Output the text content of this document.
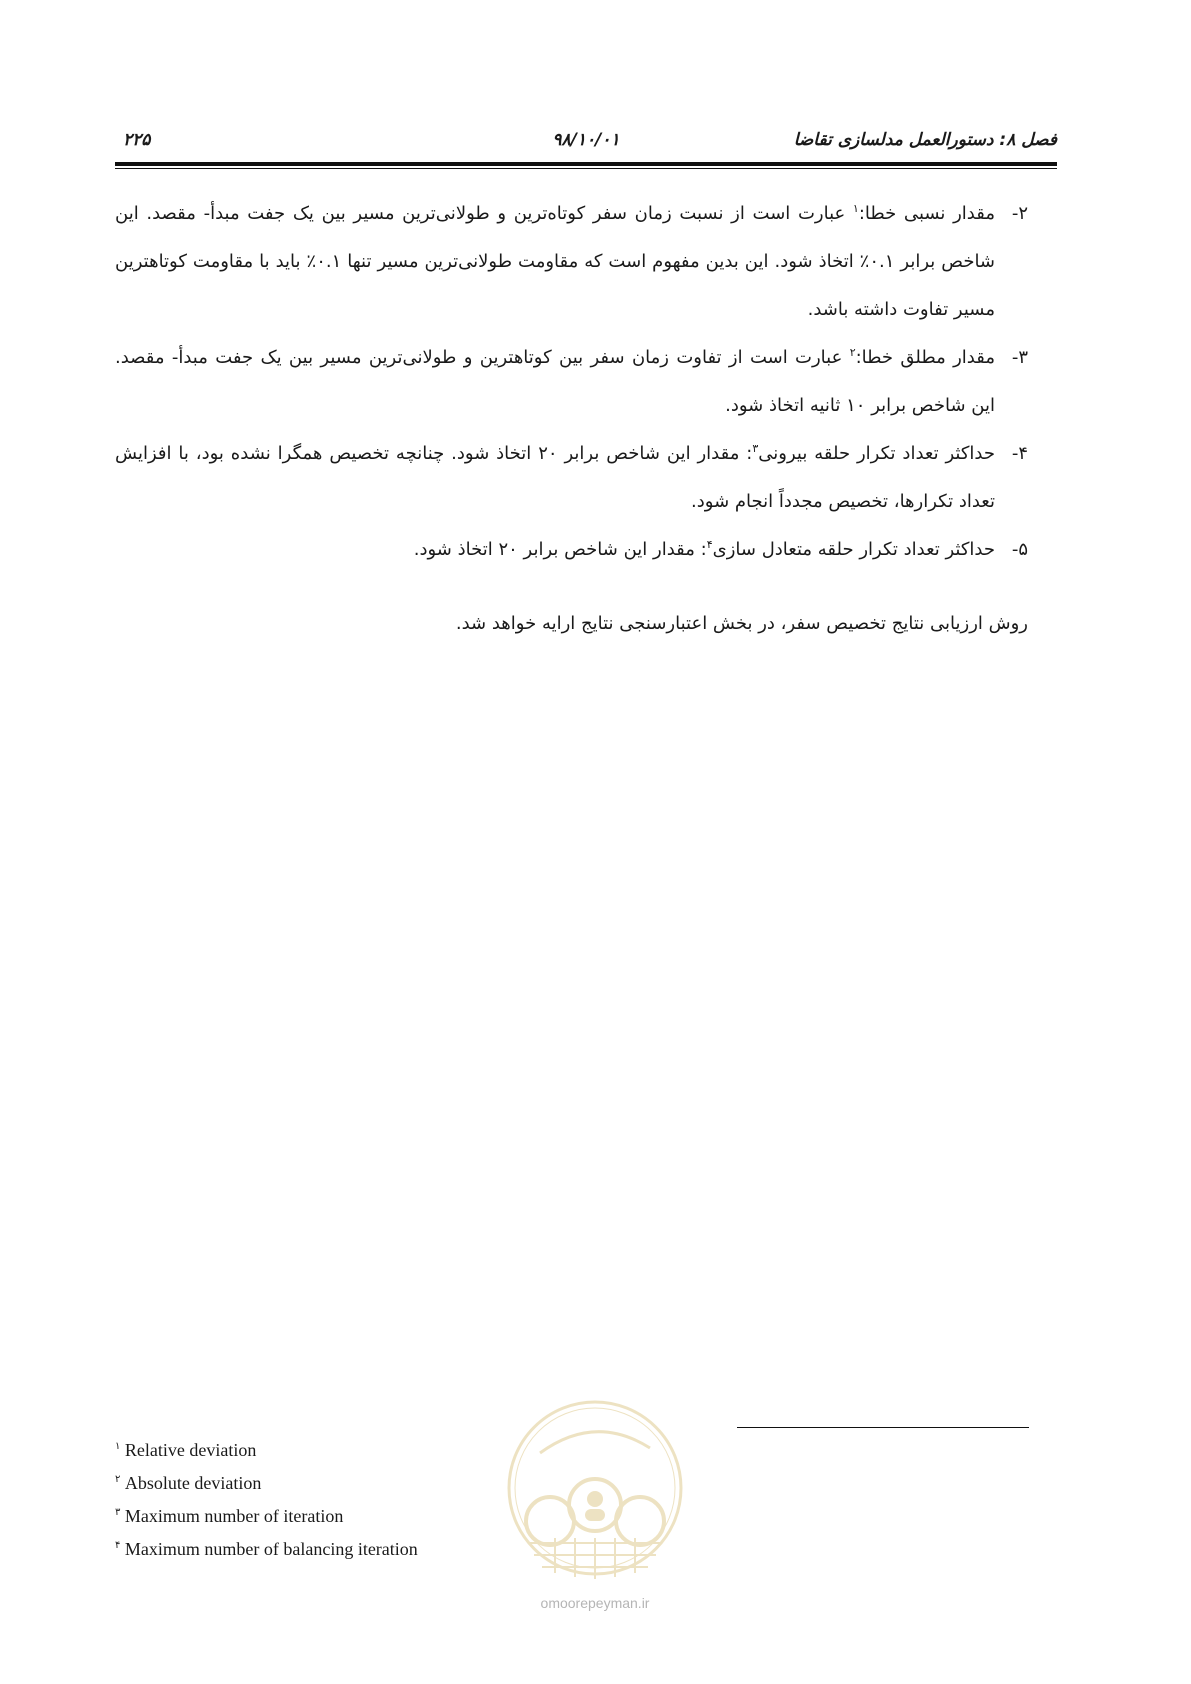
فصل ۸: دستورالعمل مدلسازی تقاضا
۹۸/۱۰/۰۱
۲۲۵

۲-
مقدار نسبی خطا:$^۱$ عبارت است از نسبت زمان سفر کوتاه‌ترین و طولانی‌ترین مسیر بین یک جفت مبدأ- مقصد. این شاخص برابر ۰.۱٪ اتخاذ شود. این بدین مفهوم است که مقاومت طولانی‌ترین مسیر تنها ۰.۱٪ باید با مقاومت کوتاهترین مسیر تفاوت داشته باشد.

۳-
مقدار مطلق خطا:$^۲$ عبارت است از تفاوت زمان سفر بین کوتاهترین و طولانی‌ترین مسیر بین یک جفت مبدأ- مقصد. این شاخص برابر ۱۰ ثانیه اتخاذ شود.

۴-
حداکثر تعداد تکرار حلقه بیرونی$^۳$: مقدار این شاخص برابر ۲۰ اتخاذ شود. چنانچه تخصیص همگرا نشده بود، با افزایش تعداد تکرارها، تخصیص مجدداً انجام شود.

۵-
حداکثر تعداد تکرار حلقه متعادل سازی$^۴$: مقدار این شاخص برابر ۲۰ اتخاذ شود.

روش ارزیابی نتایج تخصیص سفر، در بخش اعتبارسنجی نتایج ارایه خواهد شد.

omoorepeyman.ir
$^۱$ Relative deviation
$^۲$ Absolute deviation
$^۳$ Maximum number of iteration
$^۴$ Maximum number of balancing iteration
